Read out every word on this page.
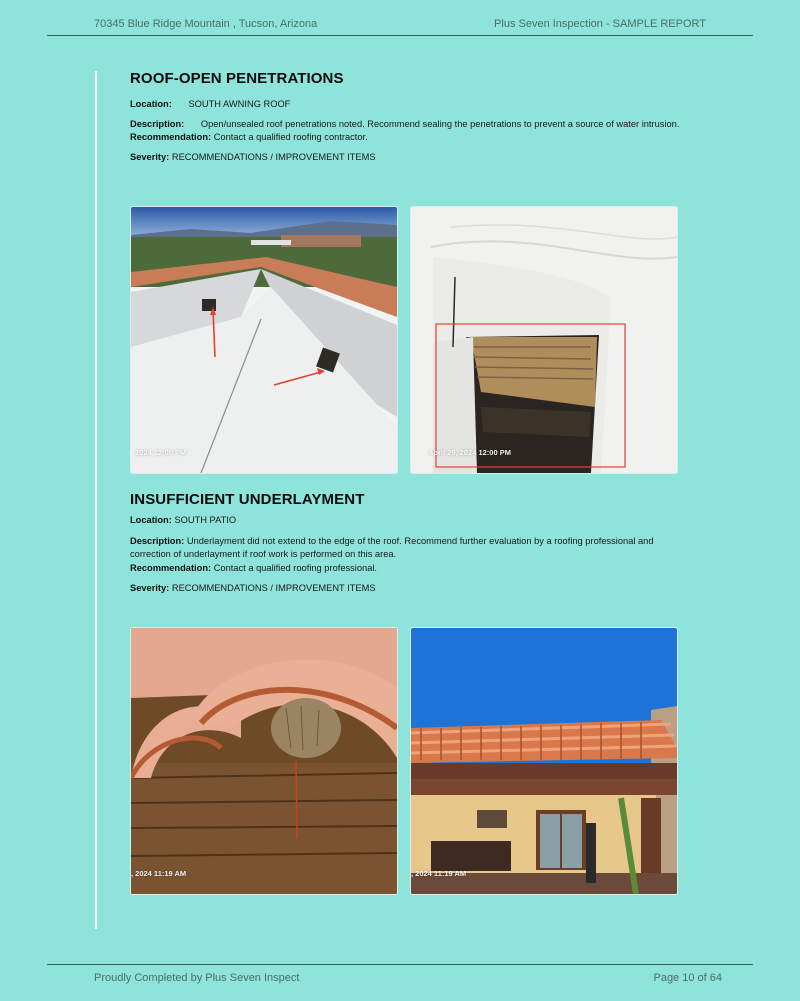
70345 Blue Ridge Mountain , Tucson, Arizona	Plus Seven Inspection - SAMPLE REPORT
ROOF-OPEN PENETRATIONS
Location: SOUTH AWNING ROOF
Description: Open/unsealed roof penetrations noted. Recommend sealing the penetrations to prevent a source of water intrusion.
Recommendation: Contact a qualified roofing contractor.
Severity: RECOMMENDATIONS / IMPROVEMENT ITEMS
2024 12:00 PM	April 29, 2024 12:00 PM
INSUFFICIENT UNDERLAYMENT
Location: SOUTH PATIO
Description: Underlayment did not extend to the edge of the roof. Recommend further evaluation by a roofing professional and correction of underlayment if roof work is performed on this area.
Recommendation: Contact a qualified roofing professional.
Severity: RECOMMENDATIONS / IMPROVEMENT ITEMS
, 2024 11:19 AM	, 2024 11:19 AM
Proudly Completed by Plus Seven Inspect	Page 10 of 64
